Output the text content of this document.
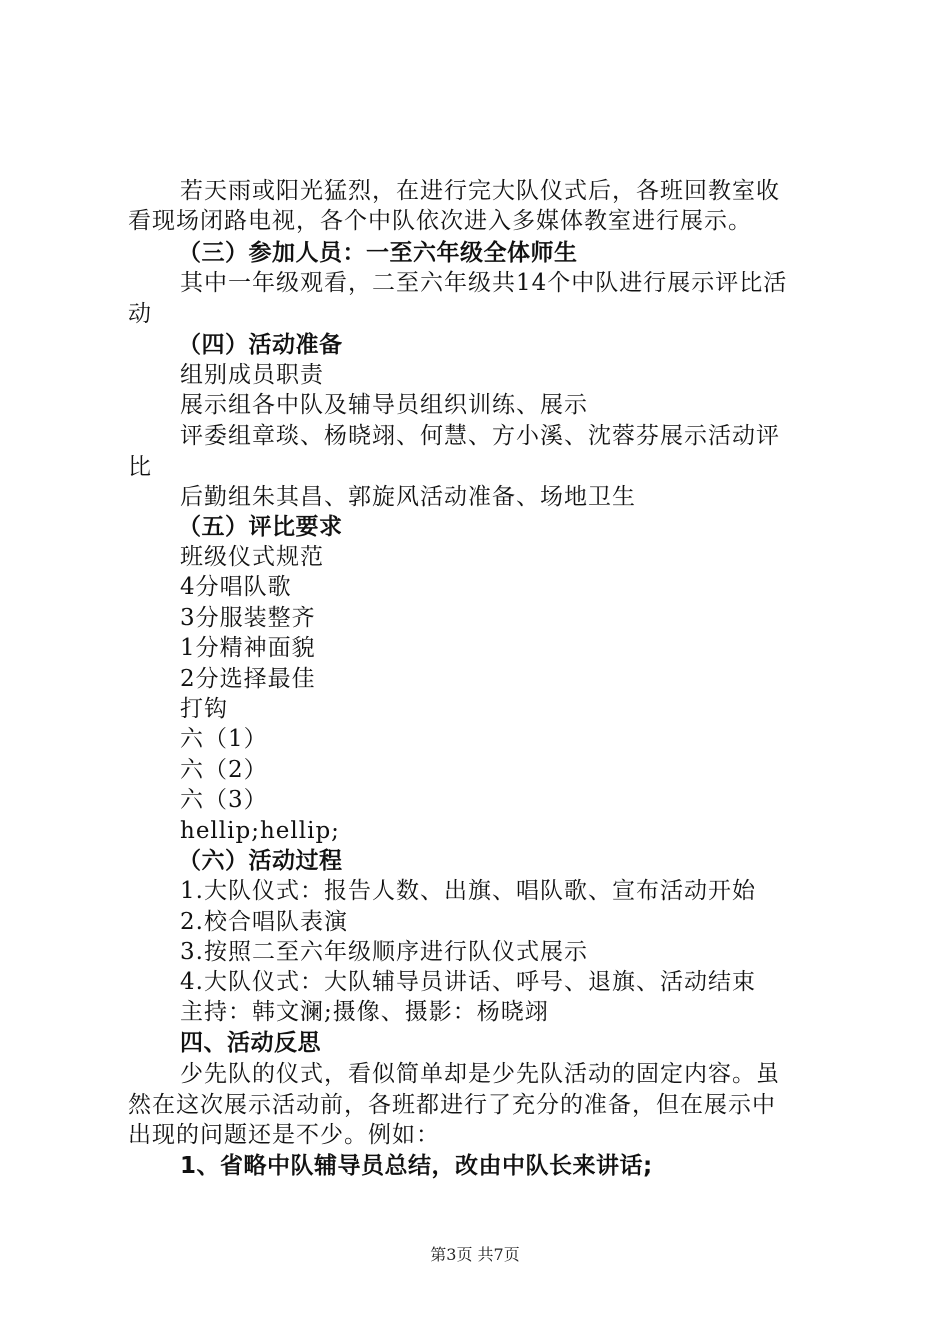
若天雨或阳光猛烈，在进行完大队仪式后，各班回教室收
看现场闭路电视，各个中队依次进入多媒体教室进行展示。
（三）参加人员：一至六年级全体师生
其中一年级观看，二至六年级共14个中队进行展示评比活
动
（四）活动准备
组别成员职责
展示组各中队及辅导员组织训练、展示
评委组章琰、杨晓翊、何慧、方小溪、沈蓉芬展示活动评
比
后勤组朱其昌、郭旋风活动准备、场地卫生
（五）评比要求
班级仪式规范
4分唱队歌
3分服装整齐
1分精神面貌
2分选择最佳
打钩
六（1）
六（2）
六（3）
hellip;hellip;
（六）活动过程
1.大队仪式：报告人数、出旗、唱队歌、宣布活动开始
2.校合唱队表演
3.按照二至六年级顺序进行队仪式展示
4.大队仪式：大队辅导员讲话、呼号、退旗、活动结束
主持：韩文澜;摄像、摄影：杨晓翊
四、活动反思
少先队的仪式，看似简单却是少先队活动的固定内容。虽
然在这次展示活动前，各班都进行了充分的准备，但在展示中
出现的问题还是不少。例如：
1、省略中队辅导员总结，改由中队长来讲话;
第3页 共7页
